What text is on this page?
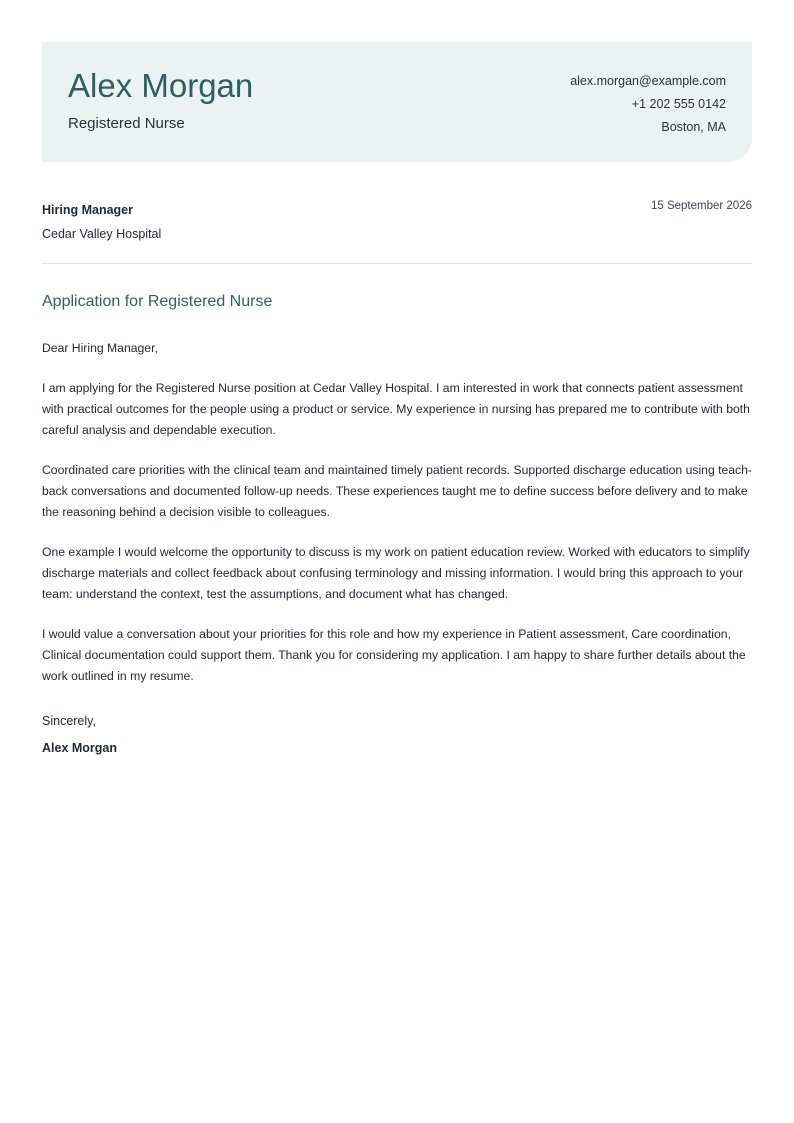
Alex Morgan
Registered Nurse
alex.morgan@example.com
+1 202 555 0142
Boston, MA
Hiring Manager
Cedar Valley Hospital
15 September 2026
Application for Registered Nurse

Dear Hiring Manager,

I am applying for the Registered Nurse position at Cedar Valley Hospital. I am interested in work that connects patient assessment with practical outcomes for the people using a product or service. My experience in nursing has prepared me to contribute with both careful analysis and dependable execution.

Coordinated care priorities with the clinical team and maintained timely patient records. Supported discharge education using teach-back conversations and documented follow-up needs. These experiences taught me to define success before delivery and to make the reasoning behind a decision visible to colleagues.

One example I would welcome the opportunity to discuss is my work on patient education review. Worked with educators to simplify discharge materials and collect feedback about confusing terminology and missing information. I would bring this approach to your team: understand the context, test the assumptions, and document what has changed.

I would value a conversation about your priorities for this role and how my experience in Patient assessment, Care coordination, Clinical documentation could support them. Thank you for considering my application. I am happy to share further details about the work outlined in my resume.

Sincerely,
Alex Morgan
